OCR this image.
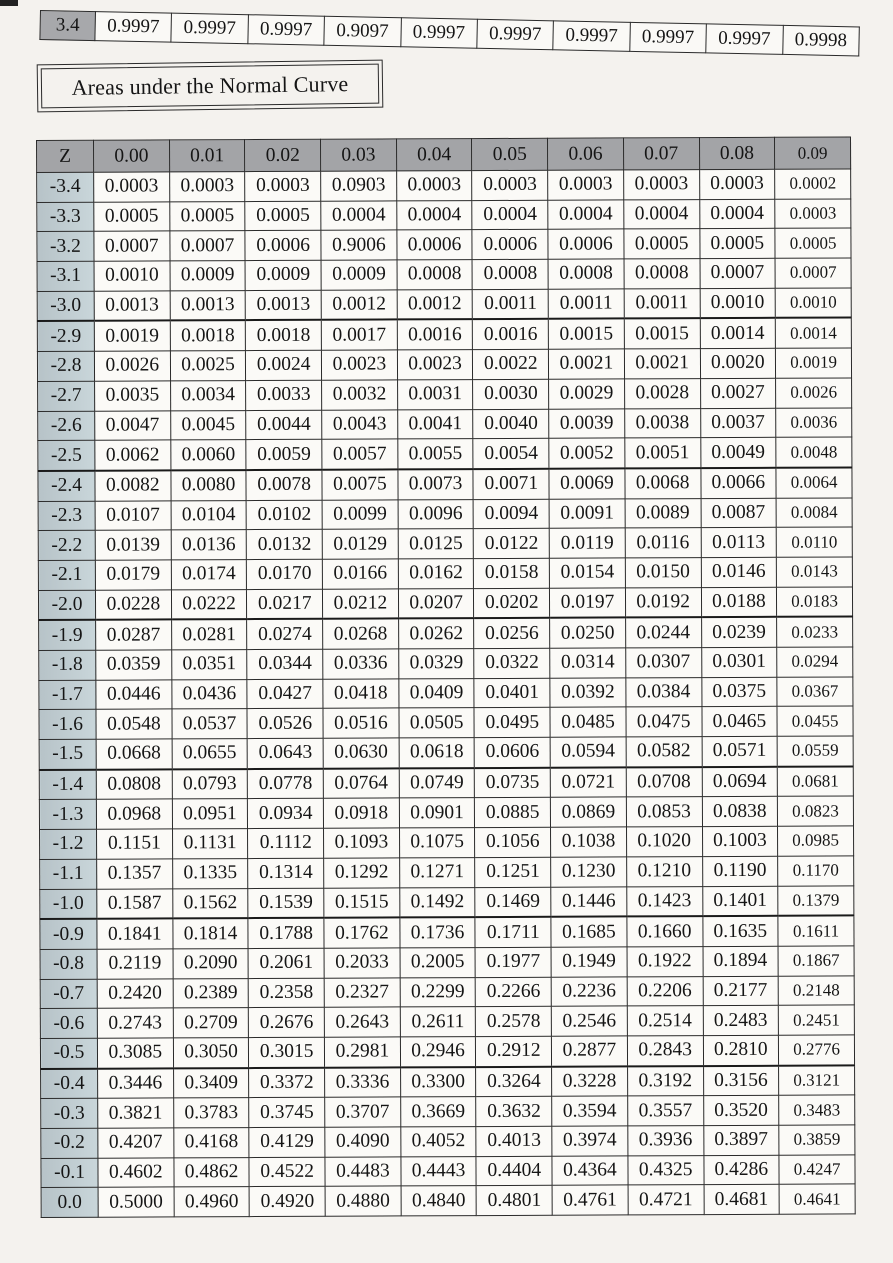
3.4	0.9997	0.9997	0.9997	0.9097	0.9997	0.9997	0.9997	0.9997	0.9997	0.9998
Areas under the Normal Curve
Z	0.00	0.01	0.02	0.03	0.04	0.05	0.06	0.07	0.08	0.09
-3.4	0.0003	0.0003	0.0003	0.0903	0.0003	0.0003	0.0003	0.0003	0.0003	0.0002
-3.3	0.0005	0.0005	0.0005	0.0004	0.0004	0.0004	0.0004	0.0004	0.0004	0.0003
-3.2	0.0007	0.0007	0.0006	0.9006	0.0006	0.0006	0.0006	0.0005	0.0005	0.0005
-3.1	0.0010	0.0009	0.0009	0.0009	0.0008	0.0008	0.0008	0.0008	0.0007	0.0007
-3.0	0.0013	0.0013	0.0013	0.0012	0.0012	0.0011	0.0011	0.0011	0.0010	0.0010
-2.9	0.0019	0.0018	0.0018	0.0017	0.0016	0.0016	0.0015	0.0015	0.0014	0.0014
-2.8	0.0026	0.0025	0.0024	0.0023	0.0023	0.0022	0.0021	0.0021	0.0020	0.0019
-2.7	0.0035	0.0034	0.0033	0.0032	0.0031	0.0030	0.0029	0.0028	0.0027	0.0026
-2.6	0.0047	0.0045	0.0044	0.0043	0.0041	0.0040	0.0039	0.0038	0.0037	0.0036
-2.5	0.0062	0.0060	0.0059	0.0057	0.0055	0.0054	0.0052	0.0051	0.0049	0.0048
-2.4	0.0082	0.0080	0.0078	0.0075	0.0073	0.0071	0.0069	0.0068	0.0066	0.0064
-2.3	0.0107	0.0104	0.0102	0.0099	0.0096	0.0094	0.0091	0.0089	0.0087	0.0084
-2.2	0.0139	0.0136	0.0132	0.0129	0.0125	0.0122	0.0119	0.0116	0.0113	0.0110
-2.1	0.0179	0.0174	0.0170	0.0166	0.0162	0.0158	0.0154	0.0150	0.0146	0.0143
-2.0	0.0228	0.0222	0.0217	0.0212	0.0207	0.0202	0.0197	0.0192	0.0188	0.0183
-1.9	0.0287	0.0281	0.0274	0.0268	0.0262	0.0256	0.0250	0.0244	0.0239	0.0233
-1.8	0.0359	0.0351	0.0344	0.0336	0.0329	0.0322	0.0314	0.0307	0.0301	0.0294
-1.7	0.0446	0.0436	0.0427	0.0418	0.0409	0.0401	0.0392	0.0384	0.0375	0.0367
-1.6	0.0548	0.0537	0.0526	0.0516	0.0505	0.0495	0.0485	0.0475	0.0465	0.0455
-1.5	0.0668	0.0655	0.0643	0.0630	0.0618	0.0606	0.0594	0.0582	0.0571	0.0559
-1.4	0.0808	0.0793	0.0778	0.0764	0.0749	0.0735	0.0721	0.0708	0.0694	0.0681
-1.3	0.0968	0.0951	0.0934	0.0918	0.0901	0.0885	0.0869	0.0853	0.0838	0.0823
-1.2	0.1151	0.1131	0.1112	0.1093	0.1075	0.1056	0.1038	0.1020	0.1003	0.0985
-1.1	0.1357	0.1335	0.1314	0.1292	0.1271	0.1251	0.1230	0.1210	0.1190	0.1170
-1.0	0.1587	0.1562	0.1539	0.1515	0.1492	0.1469	0.1446	0.1423	0.1401	0.1379
-0.9	0.1841	0.1814	0.1788	0.1762	0.1736	0.1711	0.1685	0.1660	0.1635	0.1611
-0.8	0.2119	0.2090	0.2061	0.2033	0.2005	0.1977	0.1949	0.1922	0.1894	0.1867
-0.7	0.2420	0.2389	0.2358	0.2327	0.2299	0.2266	0.2236	0.2206	0.2177	0.2148
-0.6	0.2743	0.2709	0.2676	0.2643	0.2611	0.2578	0.2546	0.2514	0.2483	0.2451
-0.5	0.3085	0.3050	0.3015	0.2981	0.2946	0.2912	0.2877	0.2843	0.2810	0.2776
-0.4	0.3446	0.3409	0.3372	0.3336	0.3300	0.3264	0.3228	0.3192	0.3156	0.3121
-0.3	0.3821	0.3783	0.3745	0.3707	0.3669	0.3632	0.3594	0.3557	0.3520	0.3483
-0.2	0.4207	0.4168	0.4129	0.4090	0.4052	0.4013	0.3974	0.3936	0.3897	0.3859
-0.1	0.4602	0.4862	0.4522	0.4483	0.4443	0.4404	0.4364	0.4325	0.4286	0.4247
0.0	0.5000	0.4960	0.4920	0.4880	0.4840	0.4801	0.4761	0.4721	0.4681	0.4641
